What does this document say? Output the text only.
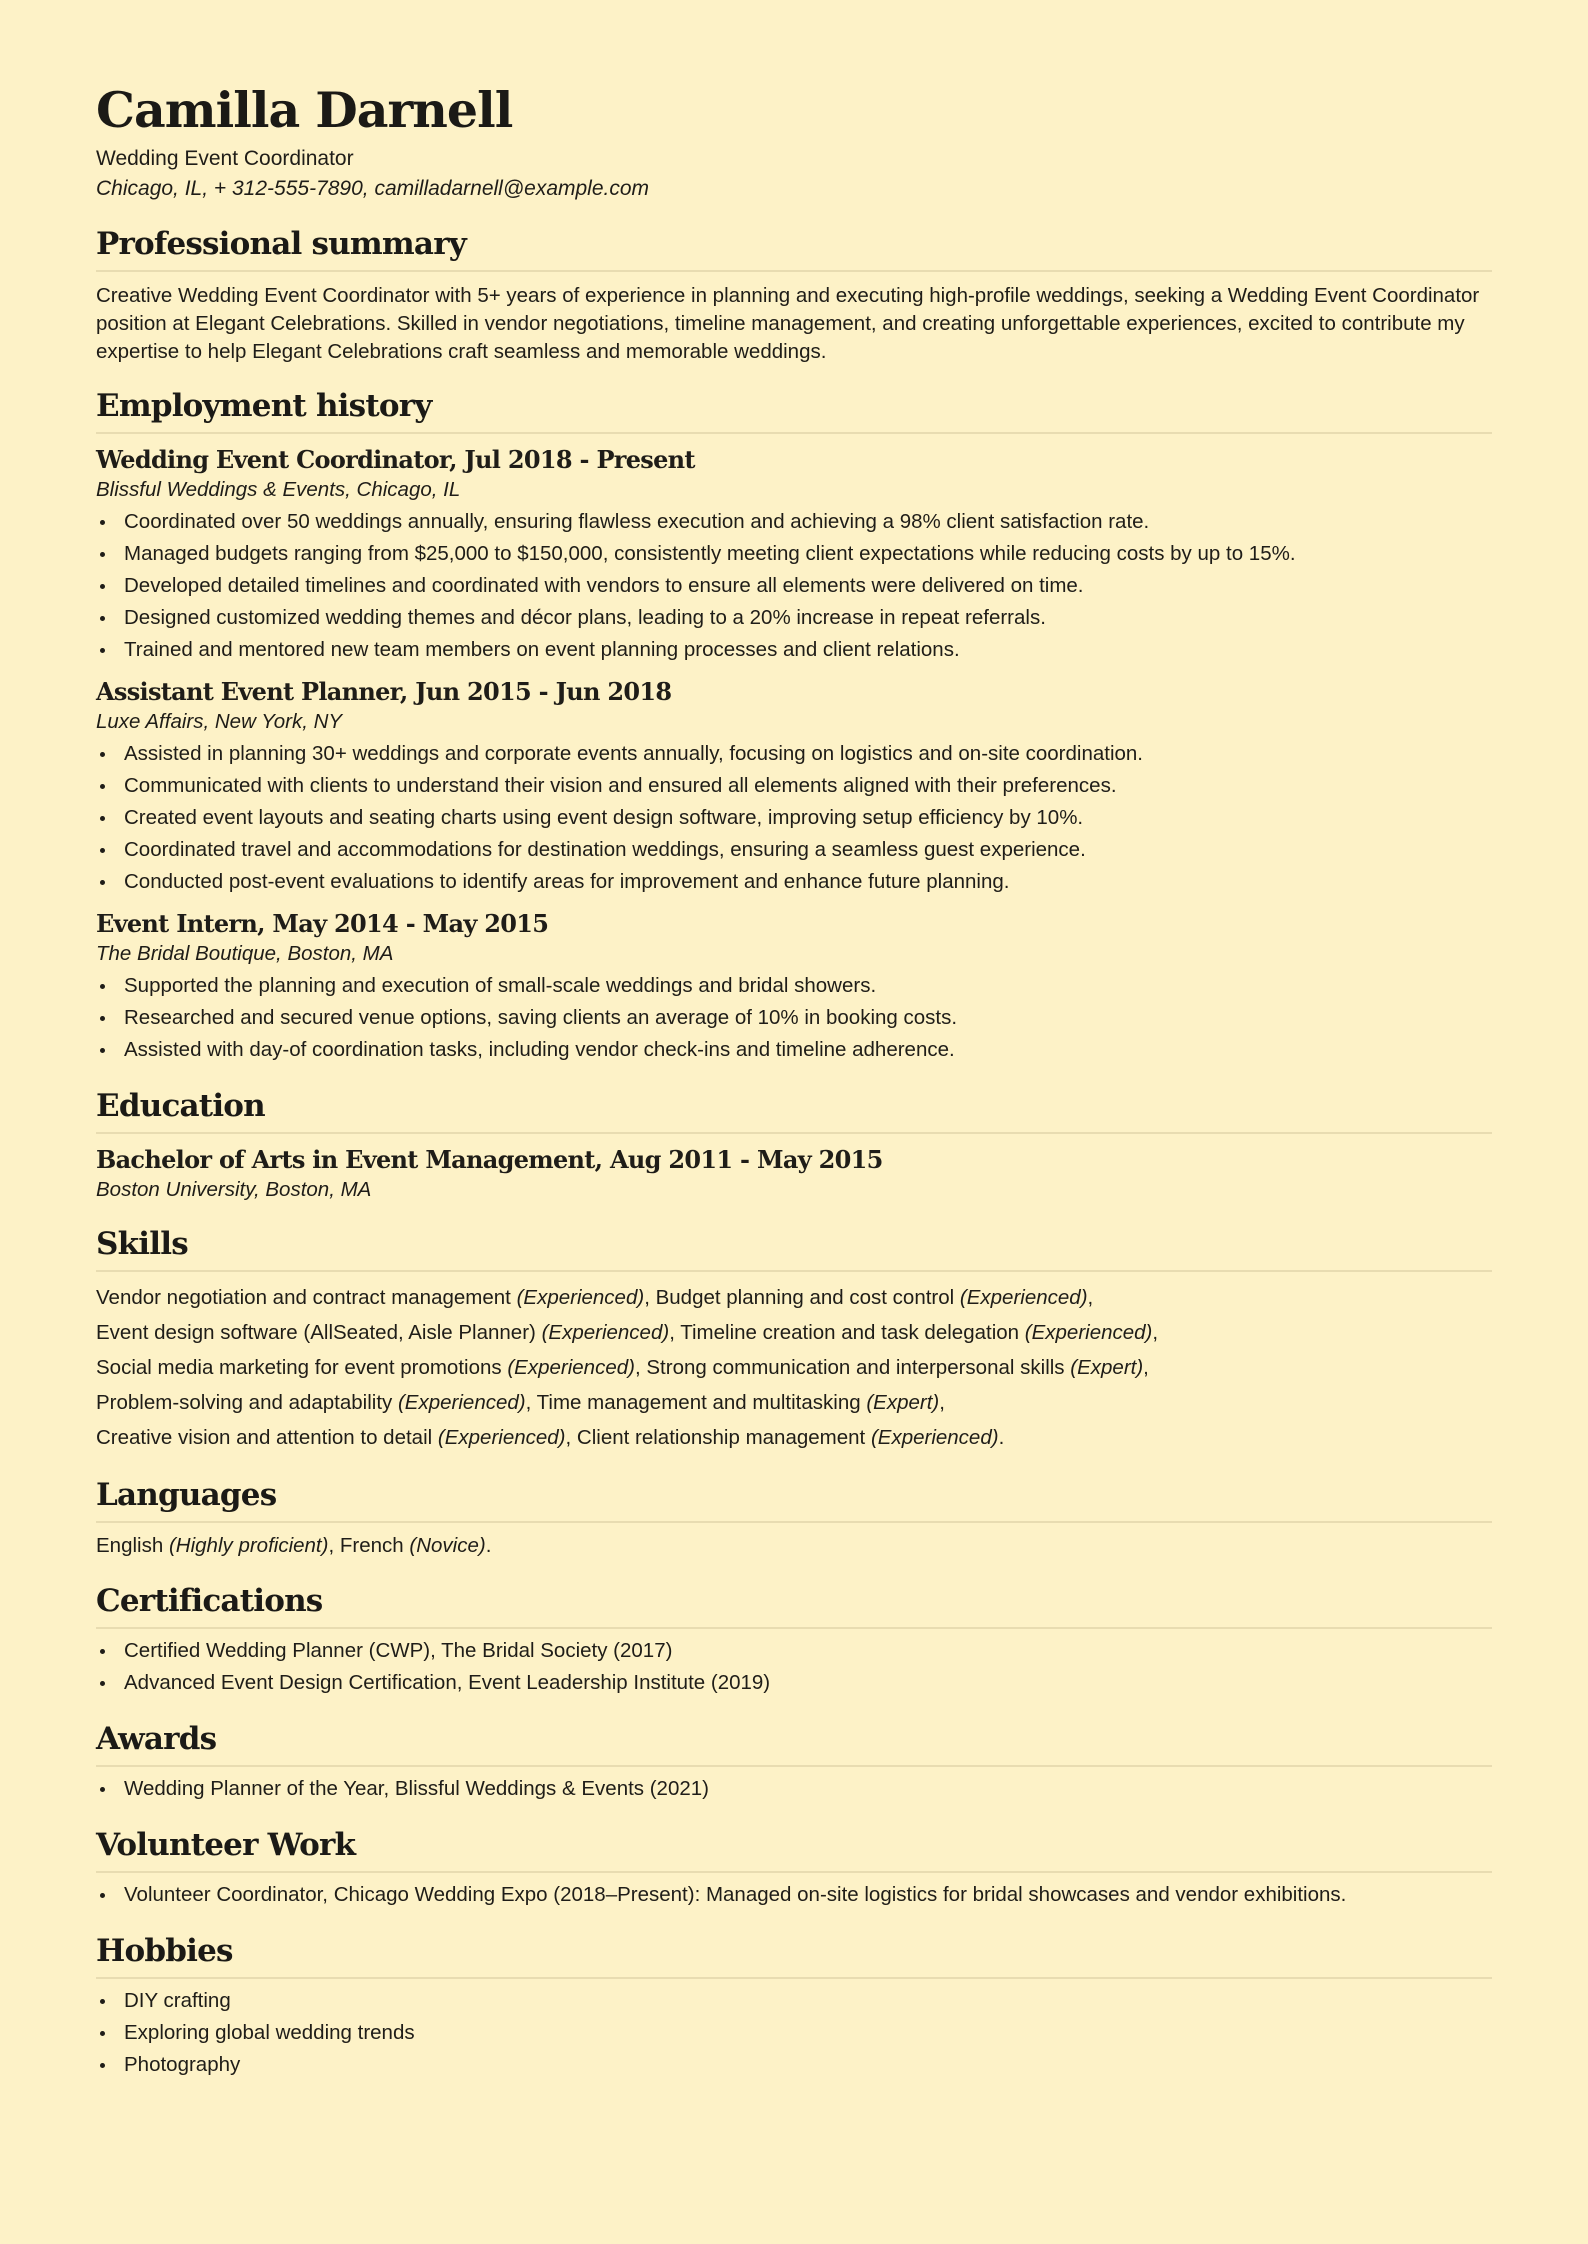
Camilla Darnell
Wedding Event Coordinator
Chicago, IL, + 312-555-7890, camilladarnell@example.com
Professional summary
Creative Wedding Event Coordinator with 5+ years of experience in planning and executing high-profile weddings, seeking a Wedding Event Coordinator position at Elegant Celebrations. Skilled in vendor negotiations, timeline management, and creating unforgettable experiences, excited to contribute my expertise to help Elegant Celebrations craft seamless and memorable weddings.
Employment history
Wedding Event Coordinator, Jul 2018 - Present
Blissful Weddings & Events, Chicago, IL
Coordinated over 50 weddings annually, ensuring flawless execution and achieving a 98% client satisfaction rate.
Managed budgets ranging from $25,000 to $150,000, consistently meeting client expectations while reducing costs by up to 15%.
Developed detailed timelines and coordinated with vendors to ensure all elements were delivered on time.
Designed customized wedding themes and décor plans, leading to a 20% increase in repeat referrals.
Trained and mentored new team members on event planning processes and client relations.
Assistant Event Planner, Jun 2015 - Jun 2018
Luxe Affairs, New York, NY
Assisted in planning 30+ weddings and corporate events annually, focusing on logistics and on-site coordination.
Communicated with clients to understand their vision and ensured all elements aligned with their preferences.
Created event layouts and seating charts using event design software, improving setup efficiency by 10%.
Coordinated travel and accommodations for destination weddings, ensuring a seamless guest experience.
Conducted post-event evaluations to identify areas for improvement and enhance future planning.
Event Intern, May 2014 - May 2015
The Bridal Boutique, Boston, MA
Supported the planning and execution of small-scale weddings and bridal showers.
Researched and secured venue options, saving clients an average of 10% in booking costs.
Assisted with day-of coordination tasks, including vendor check-ins and timeline adherence.
Education
Bachelor of Arts in Event Management, Aug 2011 - May 2015
Boston University, Boston, MA
Skills
Vendor negotiation and contract management (Experienced), Budget planning and cost control (Experienced),
Event design software (AllSeated, Aisle Planner) (Experienced), Timeline creation and task delegation (Experienced),
Social media marketing for event promotions (Experienced), Strong communication and interpersonal skills (Expert),
Problem-solving and adaptability (Experienced), Time management and multitasking (Expert),
Creative vision and attention to detail (Experienced), Client relationship management (Experienced).
Languages
English (Highly proficient), French (Novice).
Certifications
Certified Wedding Planner (CWP), The Bridal Society (2017)
Advanced Event Design Certification, Event Leadership Institute (2019)
Awards
Wedding Planner of the Year, Blissful Weddings & Events (2021)
Volunteer Work
Volunteer Coordinator, Chicago Wedding Expo (2018–Present): Managed on-site logistics for bridal showcases and vendor exhibitions.
Hobbies
DIY crafting
Exploring global wedding trends
Photography
